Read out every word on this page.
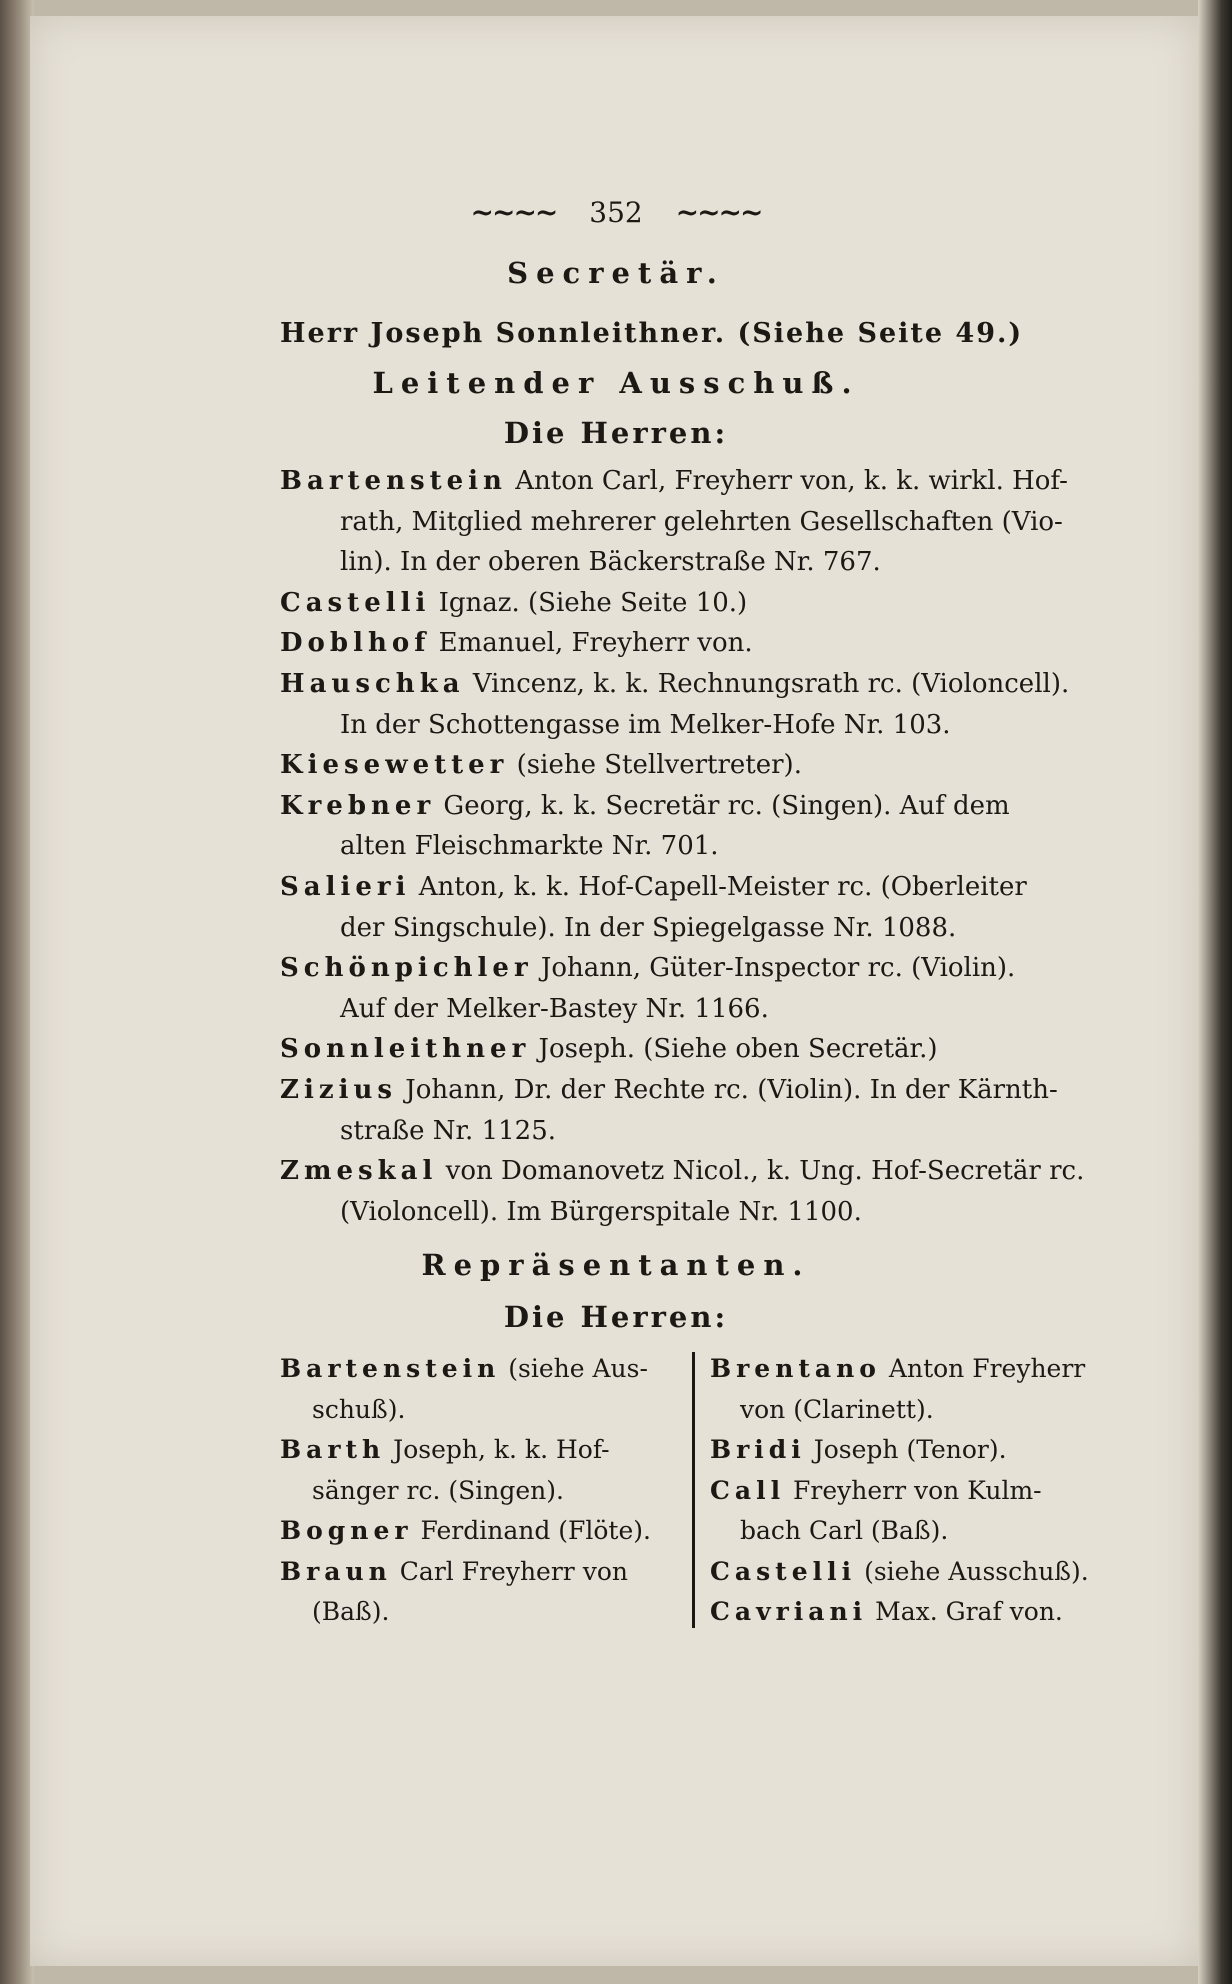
~~~~ 352 ~~~~
Secretär.
Herr Joseph Sonnleithner. (Siehe Seite 49.)
Leitender Ausschuß.
Die Herren:
Bartenstein Anton Carl, Freyherr von, k. k. wirkl. Hof-
rath, Mitglied mehrerer gelehrten Gesellschaften (Vio-
lin). In der oberen Bäckerstraße Nr. 767.
Castelli Ignaz. (Siehe Seite 10.)
Doblhof Emanuel, Freyherr von.
Hauschka Vincenz, k. k. Rechnungsrath rc. (Violoncell).
In der Schottengasse im Melker-Hofe Nr. 103.
Kiesewetter (siehe Stellvertreter).
Krebner Georg, k. k. Secretär rc. (Singen). Auf dem
alten Fleischmarkte Nr. 701.
Salieri Anton, k. k. Hof-Capell-Meister rc. (Oberleiter
der Singschule). In der Spiegelgasse Nr. 1088.
Schönpichler Johann, Güter-Inspector rc. (Violin).
Auf der Melker-Bastey Nr. 1166.
Sonnleithner Joseph. (Siehe oben Secretär.)
Zizius Johann, Dr. der Rechte rc. (Violin). In der Kärnth-
straße Nr. 1125.
Zmeskal von Domanovetz Nicol., k. Ung. Hof-Secretär rc.
(Violoncell). Im Bürgerspitale Nr. 1100.
Repräsentanten.
Die Herren:
Bartenstein (siehe Aus-
schuß).
Barth Joseph, k. k. Hof-
sänger rc. (Singen).
Bogner Ferdinand (Flöte).
Braun Carl Freyherr von
(Baß).
Brentano Anton Freyherr
von (Clarinett).
Bridi Joseph (Tenor).
Call Freyherr von Kulm-
bach Carl (Baß).
Castelli (siehe Ausschuß).
Cavriani Max. Graf von.
